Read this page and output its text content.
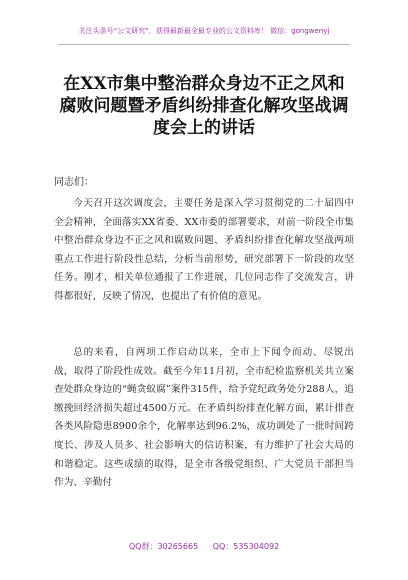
关注头条号“公文研究”，获得最新最全最专业的公文资料库！ 微信：gongwenyj
在XX市集中整治群众身边不正之风和腐败问题暨矛盾纠纷排查化解攻坚战调度会上的讲话

同志们：

今天召开这次调度会，主要任务是深入学习贯彻党的二十届四中全会精神，全面落实XX省委、XX市委的部署要求，对前一阶段全市集中整治群众身边不正之风和腐败问题、矛盾纠纷排查化解攻坚战两项重点工作进行阶段性总结，分析当前形势，研究部署下一阶段的攻坚任务。刚才，相关单位通报了工作进展，几位同志作了交流发言，讲得都很好，反映了情况，也提出了有价值的意见。

总的来看，自两项工作启动以来，全市上下闻令而动、尽锐出战，取得了阶段性成效。截至今年11月初，全市纪检监察机关共立案查处群众身边的“蝇贪蚁腐”案件315件，给予党纪政务处分288人，追缴挽回经济损失超过4500万元。在矛盾纠纷排查化解方面，累计排查各类风险隐患8900余个，化解率达到96.2%，成功调处了一批时间跨度长、涉及人员多、社会影响大的信访积案，有力维护了社会大局的和谐稳定。这些成绩的取得，是全市各级党组织、广大党员干部担当作为、辛勤付

QQ群：30265665 QQ：535304092
